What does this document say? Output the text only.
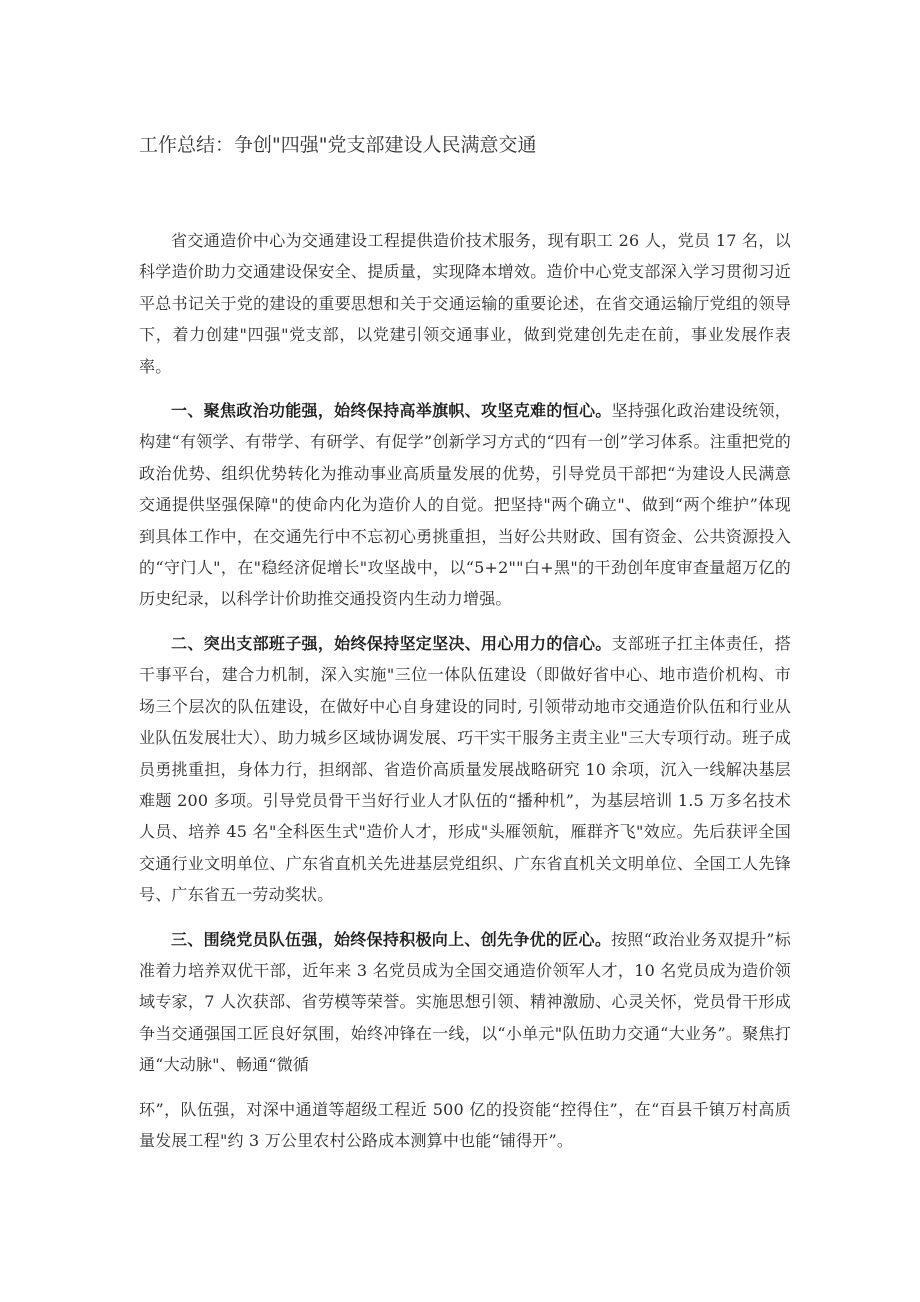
工作总结：争创"四强"党支部建设人民满意交通

省交通造价中心为交通建设工程提供造价技术服务，现有职工 26 人，党员 17 名，以科学造价助力交通建设保安全、提质量，实现降本增效。造价中心党支部深入学习贯彻习近平总书记关于党的建设的重要思想和关于交通运输的重要论述，在省交通运输厅党组的领导下，着力创建"四强"党支部，以党建引领交通事业，做到党建创先走在前，事业发展作表率。

一、聚焦政治功能强，始终保持高举旗帜、攻坚克难的恒心。坚持强化政治建设统领，构建“有领学、有带学、有研学、有促学”创新学习方式的“四有一创”学习体系。注重把党的政治优势、组织优势转化为推动事业高质量发展的优势，引导党员干部把“为建设人民满意交通提供坚强保障"的使命内化为造价人的自觉。把坚持"两个确立"、做到“两个维护”体现到具体工作中，在交通先行中不忘初心勇挑重担，当好公共财政、国有资金、公共资源投入的“守门人"，在"稳经济促增长"攻坚战中，以“5+2""白+黑"的干劲创年度审查量超万亿的历史纪录，以科学计价助推交通投资内生动力增强。

二、突出支部班子强，始终保持坚定坚决、用心用力的信心。支部班子扛主体责任，搭干事平台，建合力机制，深入实施"三位一体队伍建设（即做好省中心、地市造价机构、市场三个层次的队伍建设，在做好中心自身建设的同时, 引领带动地市交通造价队伍和行业从业队伍发展壮大）、助力城乡区域协调发展、巧干实干服务主责主业"三大专项行动。班子成员勇挑重担，身体力行，担纲部、省造价高质量发展战略研究 10 余项，沉入一线解决基层难题 200 多项。引导党员骨干当好行业人才队伍的“播种机”，为基层培训 1.5 万多名技术人员、培养 45 名"全科医生式"造价人才，形成"头雁领航，雁群齐飞"效应。先后获评全国交通行业文明单位、广东省直机关先进基层党组织、广东省直机关文明单位、全国工人先锋号、广东省五一劳动奖状。

三、围绕党员队伍强，始终保持积极向上、创先争优的匠心。按照“政治业务双提升”标准着力培养双优干部，近年来 3 名党员成为全国交通造价领军人才，10 名党员成为造价领域专家，7 人次获部、省劳模等荣誉。实施思想引领、精神激励、心灵关怀，党员骨干形成争当交通强国工匠良好氛围，始终冲锋在一线，以“小单元"队伍助力交通“大业务”。聚焦打通“大动脉"、畅通“微循

环”，队伍强，对深中通道等超级工程近 500 亿的投资能“控得住”，在“百县千镇万村高质量发展工程"约 3 万公里农村公路成本测算中也能“铺得开”。
